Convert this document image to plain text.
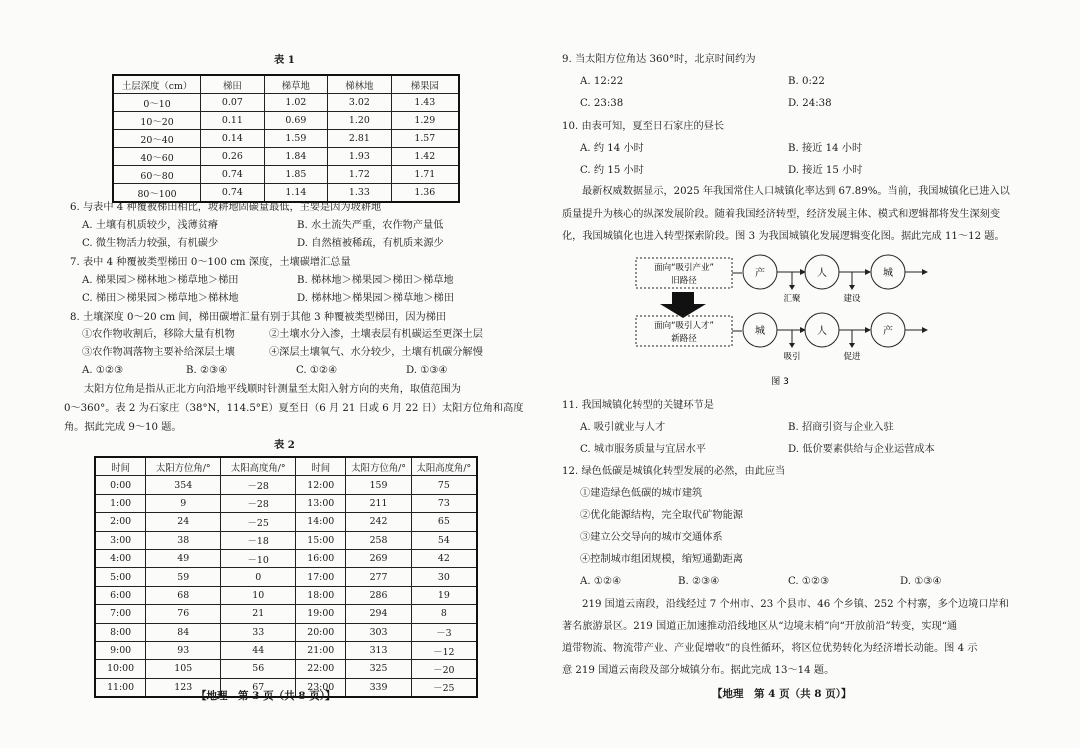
表 1
土层深度（cm）	梯田	梯草地	梯林地	梯果园
0～10	0.07	1.02	3.02	1.43
10～20	0.11	0.69	1.20	1.29
20～40	0.14	1.59	2.81	1.57
40～60	0.26	1.84	1.93	1.42
60～80	0.74	1.85	1.72	1.71
80～100	0.74	1.14	1.33	1.36
6. 与表中 4 种覆被梯田相比，坡耕地固碳量最低，主要是因为坡耕地
A. 土壤有机质较少，浅薄贫瘠	B. 水土流失严重，农作物产量低
C. 微生物活力较强，有机碳少	D. 自然植被稀疏，有机质来源少
7. 表中 4 种覆被类型梯田 0～100 cm 深度，土壤碳增汇总量
A. 梯果园＞梯林地＞梯草地＞梯田	B. 梯林地＞梯果园＞梯田＞梯草地
C. 梯田＞梯果园＞梯草地＞梯林地	D. 梯林地＞梯果园＞梯草地＞梯田
8. 土壤深度 0～20 cm 间，梯田碳增汇量有别于其他 3 种覆被类型梯田，因为梯田
①农作物收割后，移除大量有机物	②土壤水分入渗，土壤表层有机碳运至更深土层
③农作物凋落物主要补给深层土壤	④深层土壤氧气、水分较少，土壤有机碳分解慢
A. ①②③	B. ②③④	C. ①②④	D. ①③④
太阳方位角是指从正北方向沿地平线顺时针测量至太阳入射方向的夹角，取值范围为
0～360°。表 2 为石家庄（38°N，114.5°E）夏至日（6 月 21 日或 6 月 22 日）太阳方位角和高度
角。据此完成 9～10 题。
表 2
时间	太阳方位角/°	太阳高度角/°	时间	太阳方位角/°	太阳高度角/°
0:00	354	－28	12:00	159	75
1:00	9	－28	13:00	211	73
2:00	24	－25	14:00	242	65
3:00	38	－18	15:00	258	54
4:00	49	－10	16:00	269	42
5:00	59	0	17:00	277	30
6:00	68	10	18:00	286	19
7:00	76	21	19:00	294	8
8:00	84	33	20:00	303	－3
9:00	93	44	21:00	313	－12
10:00	105	56	22:00	325	－20
11:00	123	67	23:00	339	－25
【地理　第 3 页（共 8 页）】
9. 当太阳方位角达 360°时，北京时间约为
A. 12:22	B. 0:22
C. 23:38	D. 24:38
10. 由表可知，夏至日石家庄的昼长
A. 约 14 小时	B. 接近 14 小时
C. 约 15 小时	D. 接近 15 小时
最新权威数据显示，2025 年我国常住人口城镇化率达到 67.89%。当前，我国城镇化已进入以
质量提升为核心的纵深发展阶段。随着我国经济转型，经济发展主体、模式和逻辑都将发生深刻变
化，我国城镇化也进入转型探索阶段。图 3 为我国城镇化发展逻辑变化图。据此完成 11～12 题。
面向“吸引产业”
旧路径
产	人	城
汇聚	建设
面向“吸引人才”
新路径
城	人	产
吸引	促进
图 3
11. 我国城镇化转型的关键环节是
A. 吸引就业与人才	B. 招商引资与企业入驻
C. 城市服务质量与宜居水平	D. 低价要素供给与企业运营成本
12. 绿色低碳是城镇化转型发展的必然，由此应当
①建造绿色低碳的城市建筑
②优化能源结构，完全取代矿物能源
③建立公交导向的城市交通体系
④控制城市组团规模，缩短通勤距离
A. ①②④	B. ②③④	C. ①②③	D. ①③④
219 国道云南段，沿线经过 7 个州市、23 个县市、46 个乡镇、252 个村寨，多个边境口岸和
著名旅游景区。219 国道正加速推动沿线地区从“边境末梢”向“开放前沿”转变，实现“通
道带物流、物流带产业、产业促增收”的良性循环，将区位优势转化为经济增长动能。图 4 示
意 219 国道云南段及部分城镇分布。据此完成 13～14 题。
【地理　第 4 页（共 8 页）】
